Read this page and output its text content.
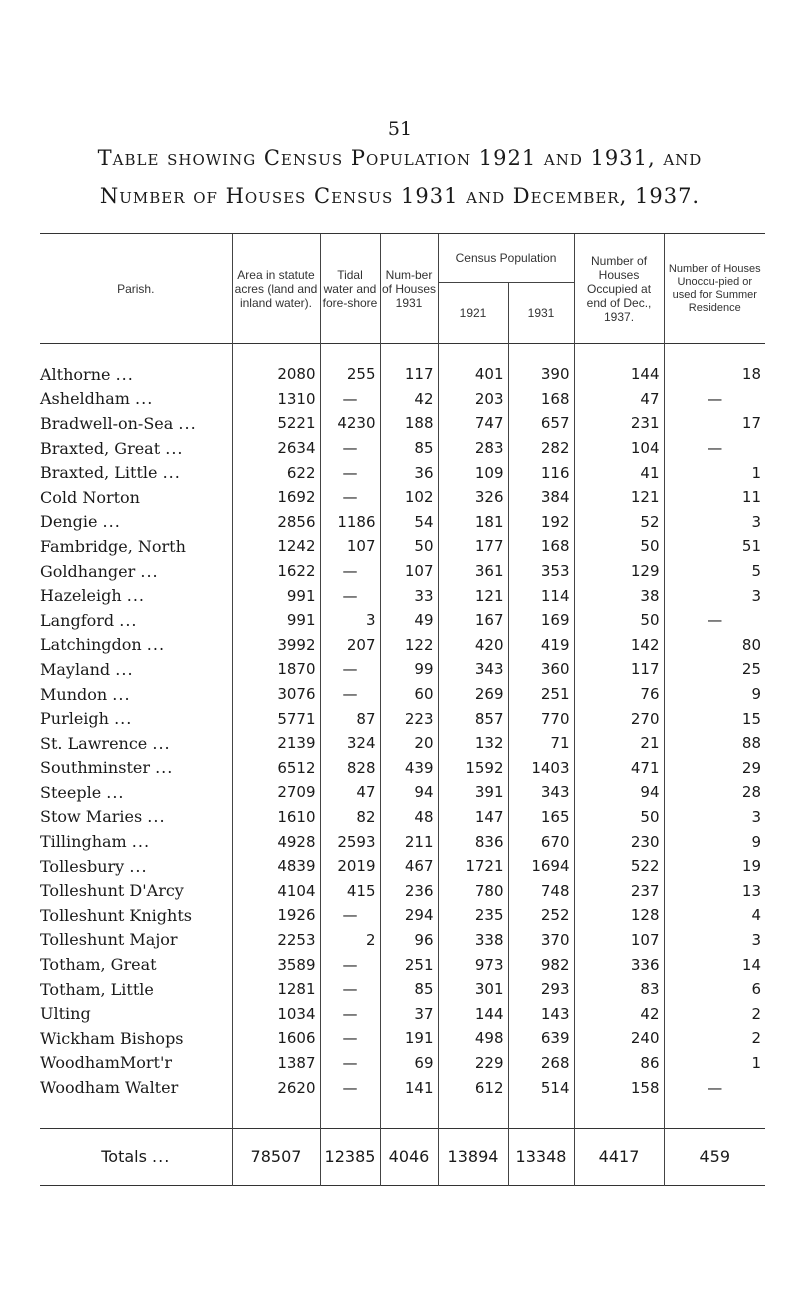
51
Table showing Census Population 1921 and 1931, and
Number of Houses Census 1931 and December, 1937.
Parish.	Area in statute acres (land and inland water).	Tidal water and fore-shore	Num-ber of Houses 1931	Census Population		Number of Houses Occupied at end of Dec., 1937.	Number of Houses Unoccu-pied or used for Summer Residence
				1921	1931		

Althorne ...	2080	255	117	401	390	144	18
Asheldham ...	1310	—	42	203	168	47	—
Bradwell-on-Sea ...	5221	4230	188	747	657	231	17
Braxted, Great ...	2634	—	85	283	282	104	—
Braxted, Little ...	622	—	36	109	116	41	1
Cold Norton	1692	—	102	326	384	121	11
Dengie ...	2856	1186	54	181	192	52	3
Fambridge, North	1242	107	50	177	168	50	51
Goldhanger ...	1622	—	107	361	353	129	5
Hazeleigh ...	991	—	33	121	114	38	3
Langford ...	991	3	49	167	169	50	—
Latchingdon ...	3992	207	122	420	419	142	80
Mayland ...	1870	—	99	343	360	117	25
Mundon ...	3076	—	60	269	251	76	9
Purleigh ...	5771	87	223	857	770	270	15
St. Lawrence ...	2139	324	20	132	71	21	88
Southminster ...	6512	828	439	1592	1403	471	29
Steeple ...	2709	47	94	391	343	94	28
Stow Maries ...	1610	82	48	147	165	50	3
Tillingham ...	4928	2593	211	836	670	230	9
Tollesbury ...	4839	2019	467	1721	1694	522	19
Tolleshunt D'Arcy	4104	415	236	780	748	237	13
Tolleshunt Knights	1926	—	294	235	252	128	4
Tolleshunt Major	2253	2	96	338	370	107	3
Totham, Great	3589	—	251	973	982	336	14
Totham, Little	1281	—	85	301	293	83	6
Ulting	1034	—	37	144	143	42	2
Wickham Bishops	1606	—	191	498	639	240	2
WoodhamMort'r	1387	—	69	229	268	86	1
Woodham Walter	2620	—	141	612	514	158	—

Totals ...	78507	12385	4046	13894	13348	4417	459
